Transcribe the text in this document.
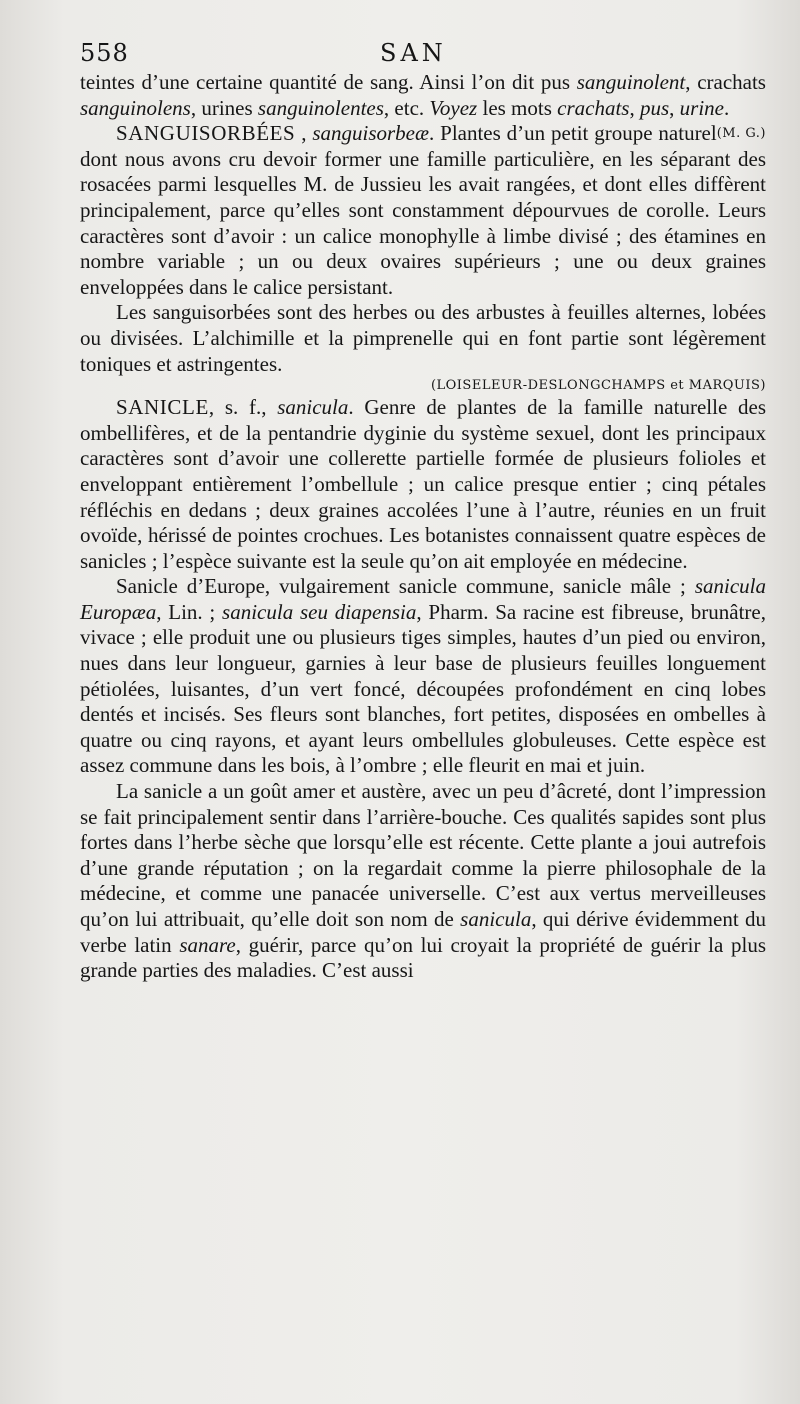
558	SAN

teintes d’une certaine quantité de sang. Ainsi l’on dit pus sanguinolent, crachats sanguinolens, urines sanguinolentes, etc. Voyez les mots crachats, pus, urine.
(M. G.)

SANGUISORBÉES , sanguisorbeæ. Plantes d’un petit groupe naturel dont nous avons cru devoir former une famille particulière, en les séparant des rosacées parmi lesquelles M. de Jussieu les avait rangées, et dont elles diffèrent principalement, parce qu’elles sont constamment dépourvues de corolle. Leurs caractères sont d’avoir : un calice monophylle à limbe divisé ; des étamines en nombre variable ; un ou deux ovaires supérieurs ; une ou deux graines enveloppées dans le calice persistant.

Les sanguisorbées sont des herbes ou des arbustes à feuilles alternes, lobées ou divisées. L’alchimille et la pimprenelle qui en font partie sont légèrement toniques et astringentes.

(LOISELEUR-DESLONGCHAMPS et MARQUIS)

SANICLE, s. f., sanicula. Genre de plantes de la famille naturelle des ombellifères, et de la pentandrie dyginie du système sexuel, dont les principaux caractères sont d’avoir une collerette partielle formée de plusieurs folioles et enveloppant entièrement l’ombellule ; un calice presque entier ; cinq pétales réfléchis en dedans ; deux graines accolées l’une à l’autre, réunies en un fruit ovoïde, hérissé de pointes crochues. Les botanistes connaissent quatre espèces de sanicles ; l’espèce suivante est la seule qu’on ait employée en médecine.

Sanicle d’Europe, vulgairement sanicle commune, sanicle mâle ; sanicula Europæa, Lin. ; sanicula seu diapensia, Pharm. Sa racine est fibreuse, brunâtre, vivace ; elle produit une ou plusieurs tiges simples, hautes d’un pied ou environ, nues dans leur longueur, garnies à leur base de plusieurs feuilles longuement pétiolées, luisantes, d’un vert foncé, découpées profondément en cinq lobes dentés et incisés. Ses fleurs sont blanches, fort petites, disposées en ombelles à quatre ou cinq rayons, et ayant leurs ombellules globuleuses. Cette espèce est assez commune dans les bois, à l’ombre ; elle fleurit en mai et juin.

La sanicle a un goût amer et austère, avec un peu d’âcreté, dont l’impression se fait principalement sentir dans l’arrière-bouche. Ces qualités sapides sont plus fortes dans l’herbe sèche que lorsqu’elle est récente. Cette plante a joui autrefois d’une grande réputation ; on la regardait comme la pierre philosophale de la médecine, et comme une panacée universelle. C’est aux vertus merveilleuses qu’on lui attribuait, qu’elle doit son nom de sanicula, qui dérive évidemment du verbe latin sanare, guérir, parce qu’on lui croyait la propriété de guérir la plus grande parties des maladies. C’est aussi
